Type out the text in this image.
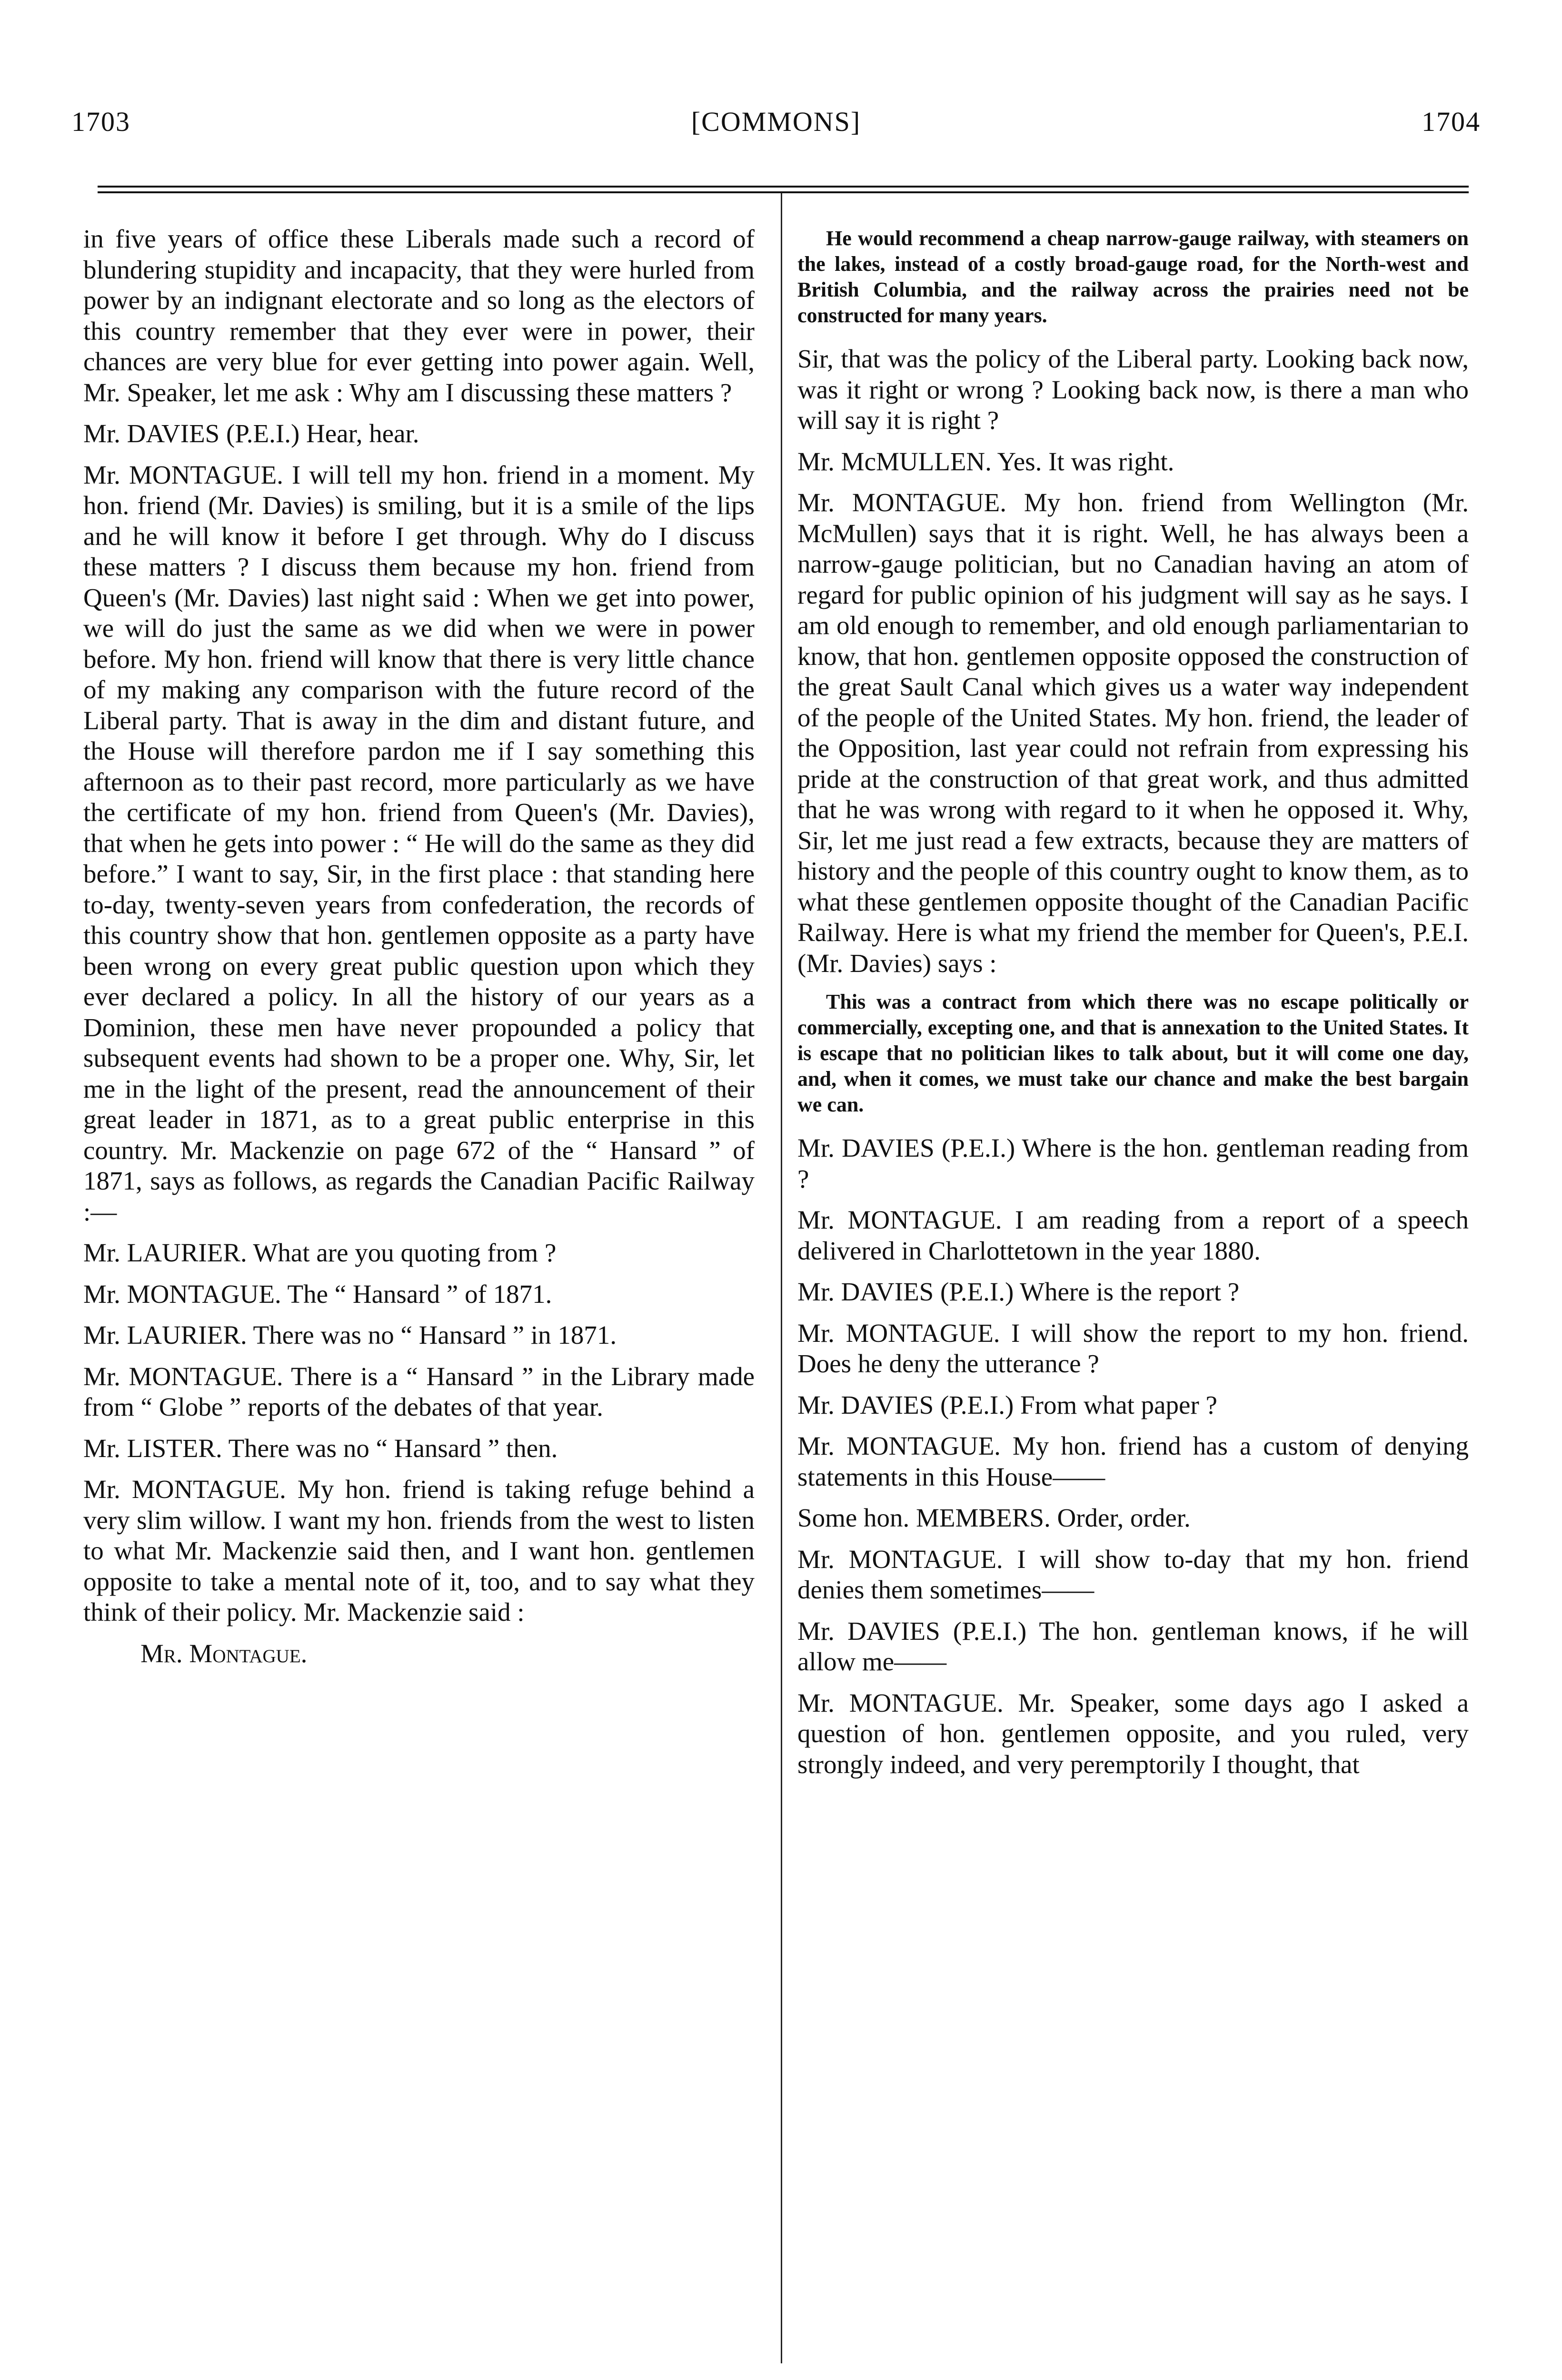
1703	[COMMONS]	1704

in five years of office these Liberals made such a record of blundering stupidity and incapacity, that they were hurled from power by an indignant electorate and so long as the electors of this country remember that they ever were in power, their chances are very blue for ever getting into power again. Well, Mr. Speaker, let me ask : Why am I discussing these matters ?

Mr. DAVIES (P.E.I.) Hear, hear.

Mr. MONTAGUE. I will tell my hon. friend in a moment. My hon. friend (Mr. Davies) is smiling, but it is a smile of the lips and he will know it before I get through. Why do I discuss these matters ? I discuss them because my hon. friend from Queen's (Mr. Davies) last night said : When we get into power, we will do just the same as we did when we were in power before. My hon. friend will know that there is very little chance of my making any comparison with the future record of the Liberal party. That is away in the dim and distant future, and the House will therefore pardon me if I say something this afternoon as to their past record, more particularly as we have the certificate of my hon. friend from Queen's (Mr. Davies), that when he gets into power : “ He will do the same as they did before.” I want to say, Sir, in the first place : that standing here to-day, twenty-seven years from confederation, the records of this country show that hon. gentlemen opposite as a party have been wrong on every great public question upon which they ever declared a policy. In all the history of our years as a Dominion, these men have never propounded a policy that subsequent events had shown to be a proper one. Why, Sir, let me in the light of the present, read the announcement of their great leader in 1871, as to a great public enterprise in this country. Mr. Mackenzie on page 672 of the “ Hansard ” of 1871, says as follows, as regards the Canadian Pacific Railway :—

Mr. LAURIER. What are you quoting from ?

Mr. MONTAGUE. The “ Hansard ” of 1871.

Mr. LAURIER. There was no “ Hansard ” in 1871.

Mr. MONTAGUE. There is a “ Hansard ” in the Library made from “ Globe ” reports of the debates of that year.

Mr. LISTER. There was no “ Hansard ” then.

Mr. MONTAGUE. My hon. friend is taking refuge behind a very slim willow. I want my hon. friends from the west to listen to what Mr. Mackenzie said then, and I want hon. gentlemen opposite to take a mental note of it, too, and to say what they think of their policy. Mr. Mackenzie said :

Mr. Montague.

He would recommend a cheap narrow-gauge railway, with steamers on the lakes, instead of a costly broad-gauge road, for the North-west and British Columbia, and the railway across the prairies need not be constructed for many years.

Sir, that was the policy of the Liberal party. Looking back now, was it right or wrong ? Looking back now, is there a man who will say it is right ?

Mr. McMULLEN. Yes. It was right.

Mr. MONTAGUE. My hon. friend from Wellington (Mr. McMullen) says that it is right. Well, he has always been a narrow-gauge politician, but no Canadian having an atom of regard for public opinion of his judgment will say as he says. I am old enough to remember, and old enough parliamentarian to know, that hon. gentlemen opposite opposed the construction of the great Sault Canal which gives us a water way independent of the people of the United States. My hon. friend, the leader of the Opposition, last year could not refrain from expressing his pride at the construction of that great work, and thus admitted that he was wrong with regard to it when he opposed it. Why, Sir, let me just read a few extracts, because they are matters of history and the people of this country ought to know them, as to what these gentlemen opposite thought of the Canadian Pacific Railway. Here is what my friend the member for Queen's, P.E.I. (Mr. Davies) says :

This was a contract from which there was no escape politically or commercially, excepting one, and that is annexation to the United States. It is escape that no politician likes to talk about, but it will come one day, and, when it comes, we must take our chance and make the best bargain we can.

Mr. DAVIES (P.E.I.) Where is the hon. gentleman reading from ?

Mr. MONTAGUE. I am reading from a report of a speech delivered in Charlottetown in the year 1880.

Mr. DAVIES (P.E.I.) Where is the report ?

Mr. MONTAGUE. I will show the report to my hon. friend. Does he deny the utterance ?

Mr. DAVIES (P.E.I.) From what paper ?

Mr. MONTAGUE. My hon. friend has a custom of denying statements in this House——

Some hon. MEMBERS. Order, order.

Mr. MONTAGUE. I will show to-day that my hon. friend denies them sometimes——

Mr. DAVIES (P.E.I.) The hon. gentleman knows, if he will allow me——

Mr. MONTAGUE. Mr. Speaker, some days ago I asked a question of hon. gentlemen opposite, and you ruled, very strongly indeed, and very peremptorily I thought, that
